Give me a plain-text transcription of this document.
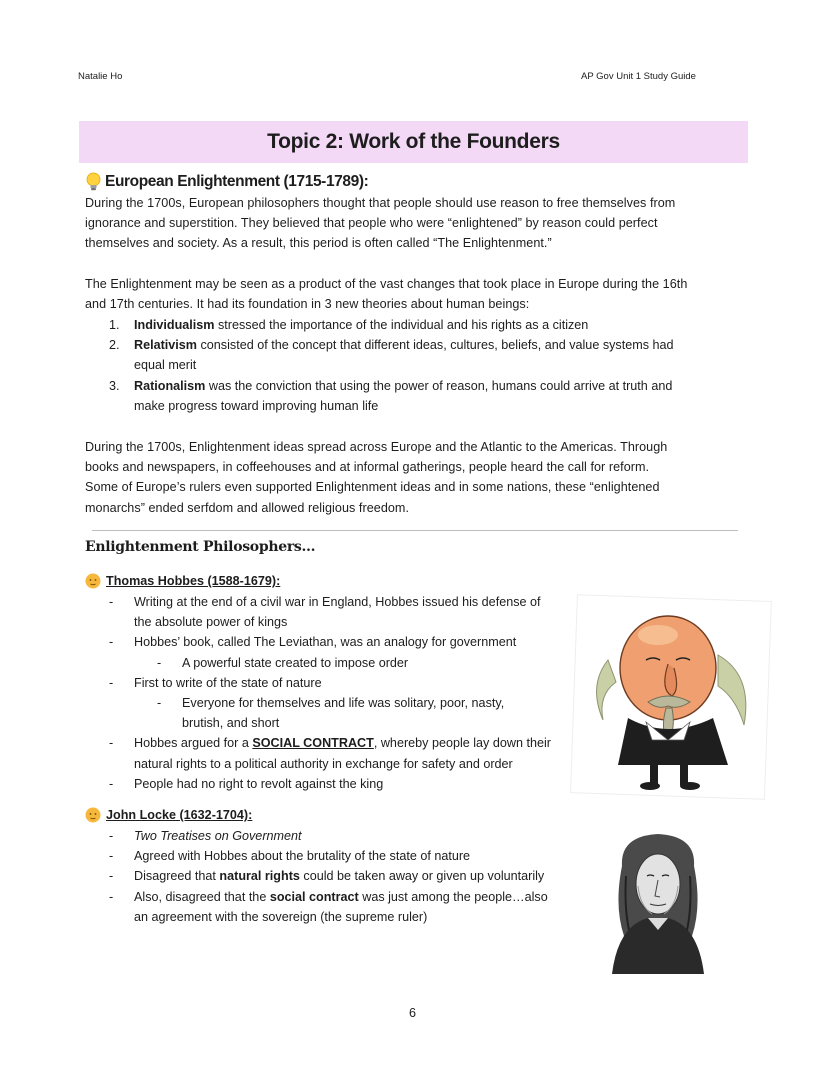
Natalie Ho	AP Gov Unit 1 Study Guide
Topic 2: Work of the Founders
European Enlightenment (1715-1789):
During the 1700s, European philosophers thought that people should use reason to free themselves from
ignorance and superstition. They believed that people who were “enlightened” by reason could perfect
themselves and society. As a result, this period is often called “The Enlightenment.”
The Enlightenment may be seen as a product of the vast changes that took place in Europe during the 16th
and 17th centuries. It had its foundation in 3 new theories about human beings:
1.	Individualism stressed the importance of the individual and his rights as a citizen
2.	Relativism consisted of the concept that different ideas, cultures, beliefs, and value systems had
equal merit
3.	Rationalism was the conviction that using the power of reason, humans could arrive at truth and
make progress toward improving human life
During the 1700s, Enlightenment ideas spread across Europe and the Atlantic to the Americas. Through
books and newspapers, in coffeehouses and at informal gatherings, people heard the call for reform.
Some of Europe’s rulers even supported Enlightenment ideas and in some nations, these “enlightened
monarchs” ended serfdom and allowed religious freedom.
Enlightenment Philosophers…
Thomas Hobbes (1588-1679):
-	Writing at the end of a civil war in England, Hobbes issued his defense of
the absolute power of kings
-	Hobbes’ book, called The Leviathan, was an analogy for government
-	A powerful state created to impose order
-	First to write of the state of nature
-	Everyone for themselves and life was solitary, poor, nasty,
brutish, and short
-	Hobbes argued for a SOCIAL CONTRACT, whereby people lay down their
natural rights to a political authority in exchange for safety and order
-	People had no right to revolt against the king
John Locke (1632-1704):
-	Two Treatises on Government
-	Agreed with Hobbes about the brutality of the state of nature
-	Disagreed that natural rights could be taken away or given up voluntarily
-	Also, disagreed that the social contract was just among the people…also
an agreement with the sovereign (the supreme ruler)
6
